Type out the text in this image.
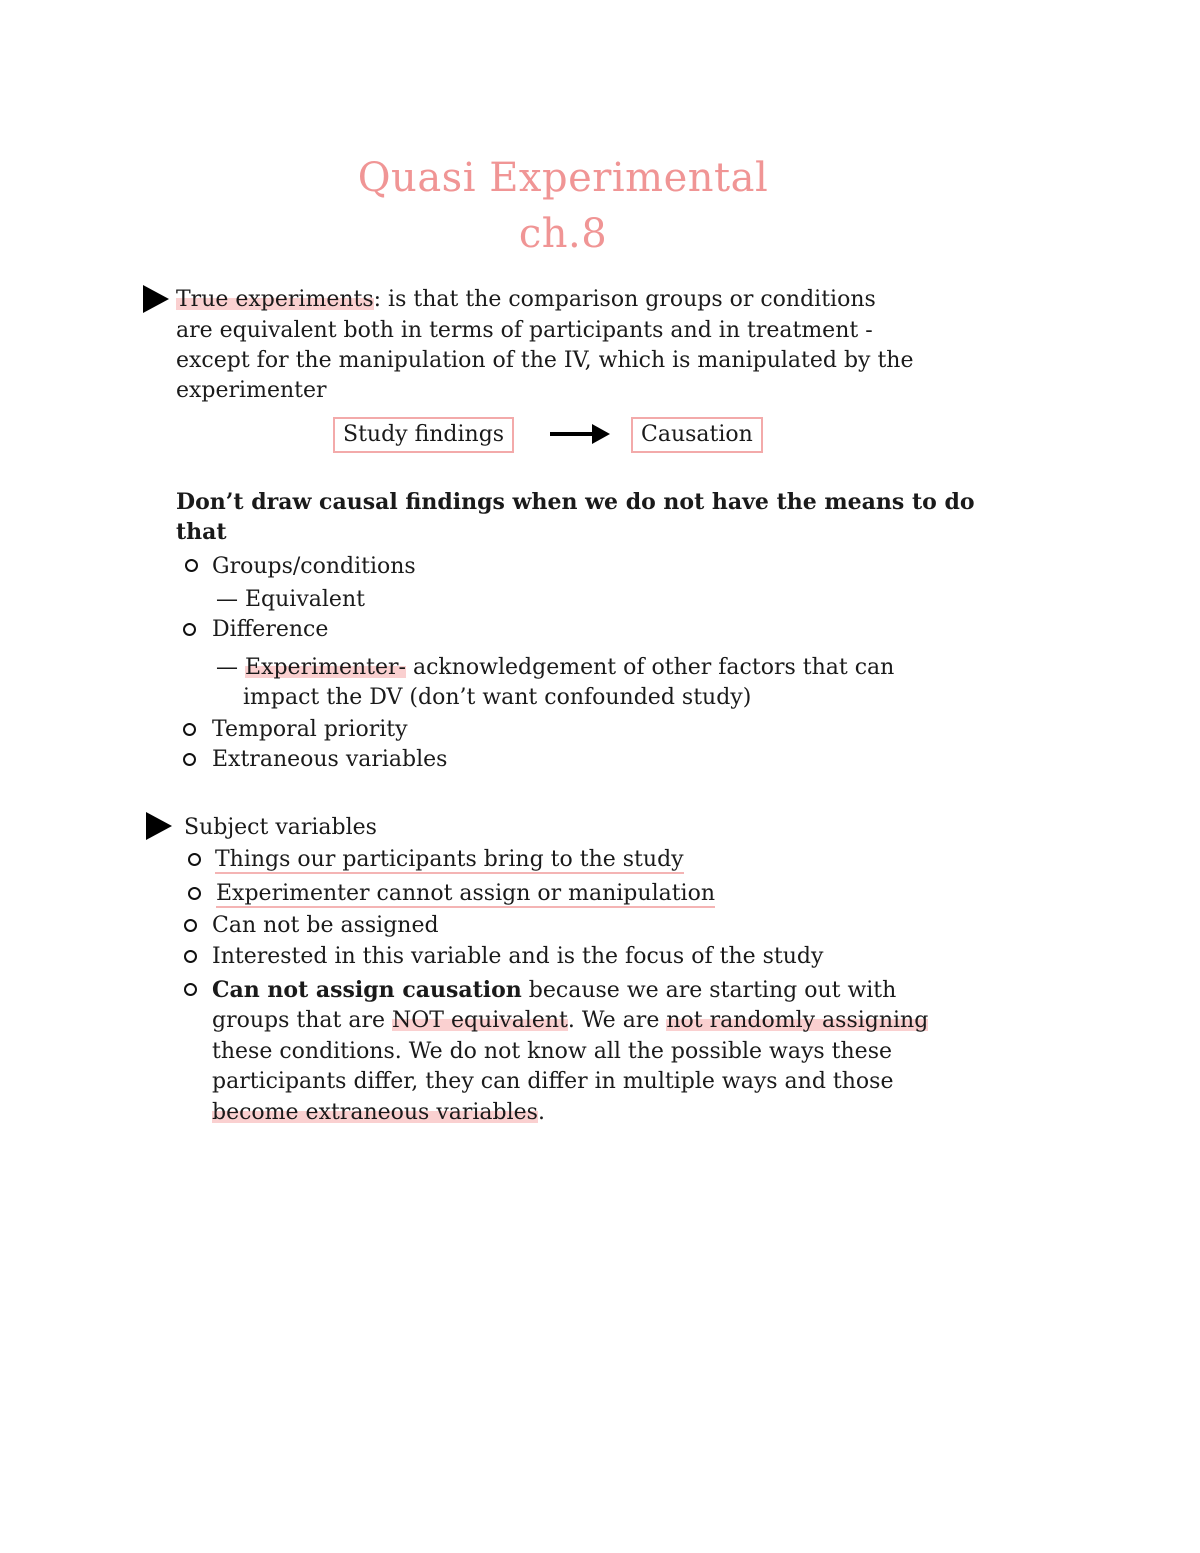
Quasi Experimental
ch.8
True experiments: is that the comparison groups or conditions
are equivalent both in terms of participants and in treatment -
except for the manipulation of the IV, which is manipulated by the
experimenter
Study findings	Causation
Don’t draw causal findings when we do not have the means to do
that
Groups/conditions
— Equivalent
Difference
— Experimenter- acknowledgement of other factors that can
impact the DV (don’t want confounded study)
Temporal priority
Extraneous variables
Subject variables
Things our participants bring to the study
Experimenter cannot assign or manipulation
Can not be assigned
Interested in this variable and is the focus of the study
Can not assign causation because we are starting out with
groups that are NOT equivalent. We are not randomly assigning
these conditions. We do not know all the possible ways these
participants differ, they can differ in multiple ways and those
become extraneous variables.
